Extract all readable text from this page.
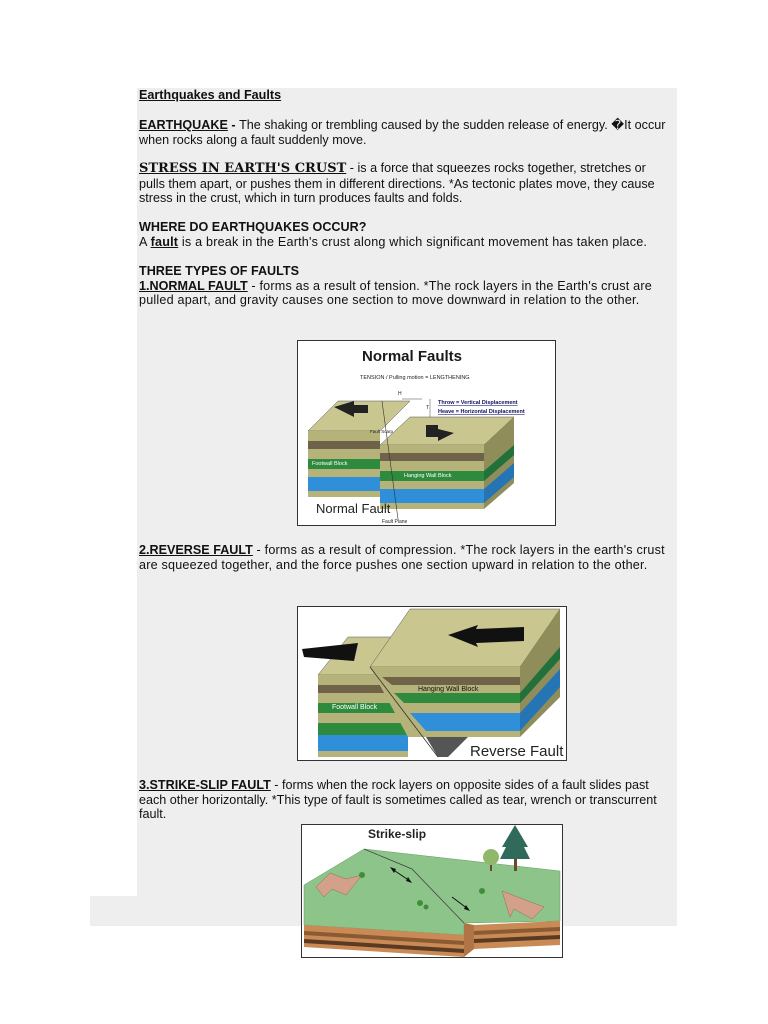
Earthquakes and Faults
EARTHQUAKE - The shaking or trembling caused by the sudden release of energy. �It occur when rocks along a fault suddenly move.
STRESS IN EARTH'S CRUST - is a force that squeezes rocks together, stretches or pulls them apart, or pushes them in different directions. *As tectonic plates move, they cause stress in the crust, which in turn produces faults and folds.
WHERE DO EARTHQUAKES OCCUR?
A fault is a break in the Earth's crust along which significant movement has taken place.
THREE TYPES OF FAULTS
1.NORMAL FAULT - forms as a result of tension. *The rock layers in the Earth's crust are pulled apart, and gravity causes one section to move downward in relation to the other.
2.REVERSE FAULT - forms as a result of compression. *The rock layers in the earth's crust are squeezed together, and the force pushes one section upward in relation to the other.
3.STRIKE-SLIP FAULT - forms when the rock layers on opposite sides of a fault slides past each other horizontally. *This type of fault is sometimes called as tear, wrench or transcurrent fault.
Normal Faults
TENSION / Pulling motion = LENGTHENING
H
T
Throw = Vertical Displacement
Heave = Horizontal Displacement
Fault Scarp
Footwall Block
Hanging Wall Block
Normal Fault
Fault Plane
Hanging Wall Block
Footwall Block
Reverse Fault
Strike-slip
